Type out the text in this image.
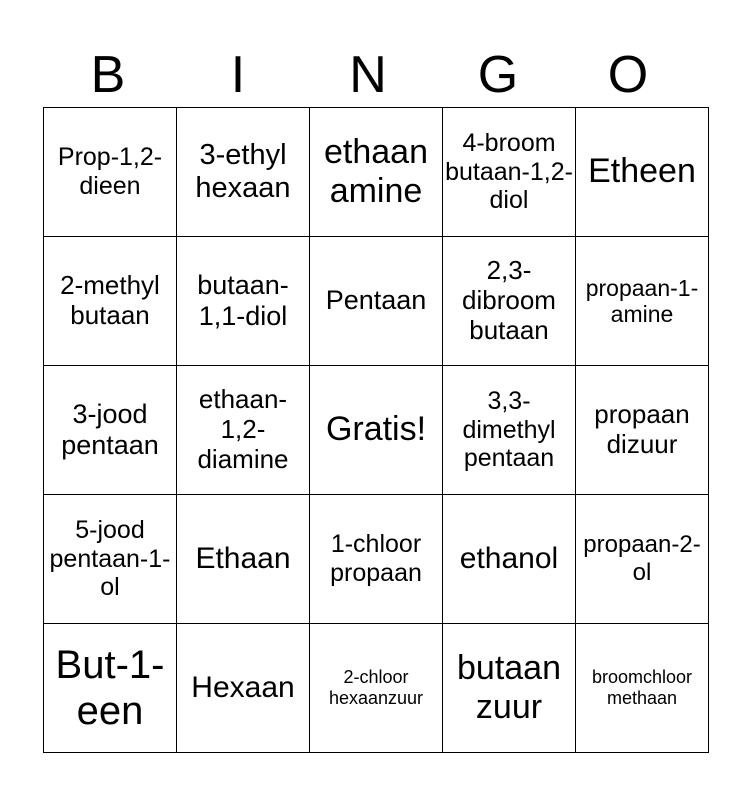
B	I	N	G	O
Prop-1,2-dieen	3-ethyl hexaan	ethaan amine	4-broom butaan-1,2-diol	Etheen
2-methyl butaan	butaan-1,1-diol	Pentaan	2,3-dibroom butaan	propaan-1-amine
3-jood pentaan	ethaan-1,2-diamine	Gratis!	3,3-dimethyl pentaan	propaan dizuur
5-jood pentaan-1-ol	Ethaan	1-chloor propaan	ethanol	propaan-2-ol
But-1-een	Hexaan	2-chloor hexaanzuur	butaan zuur	broomchloor methaan
